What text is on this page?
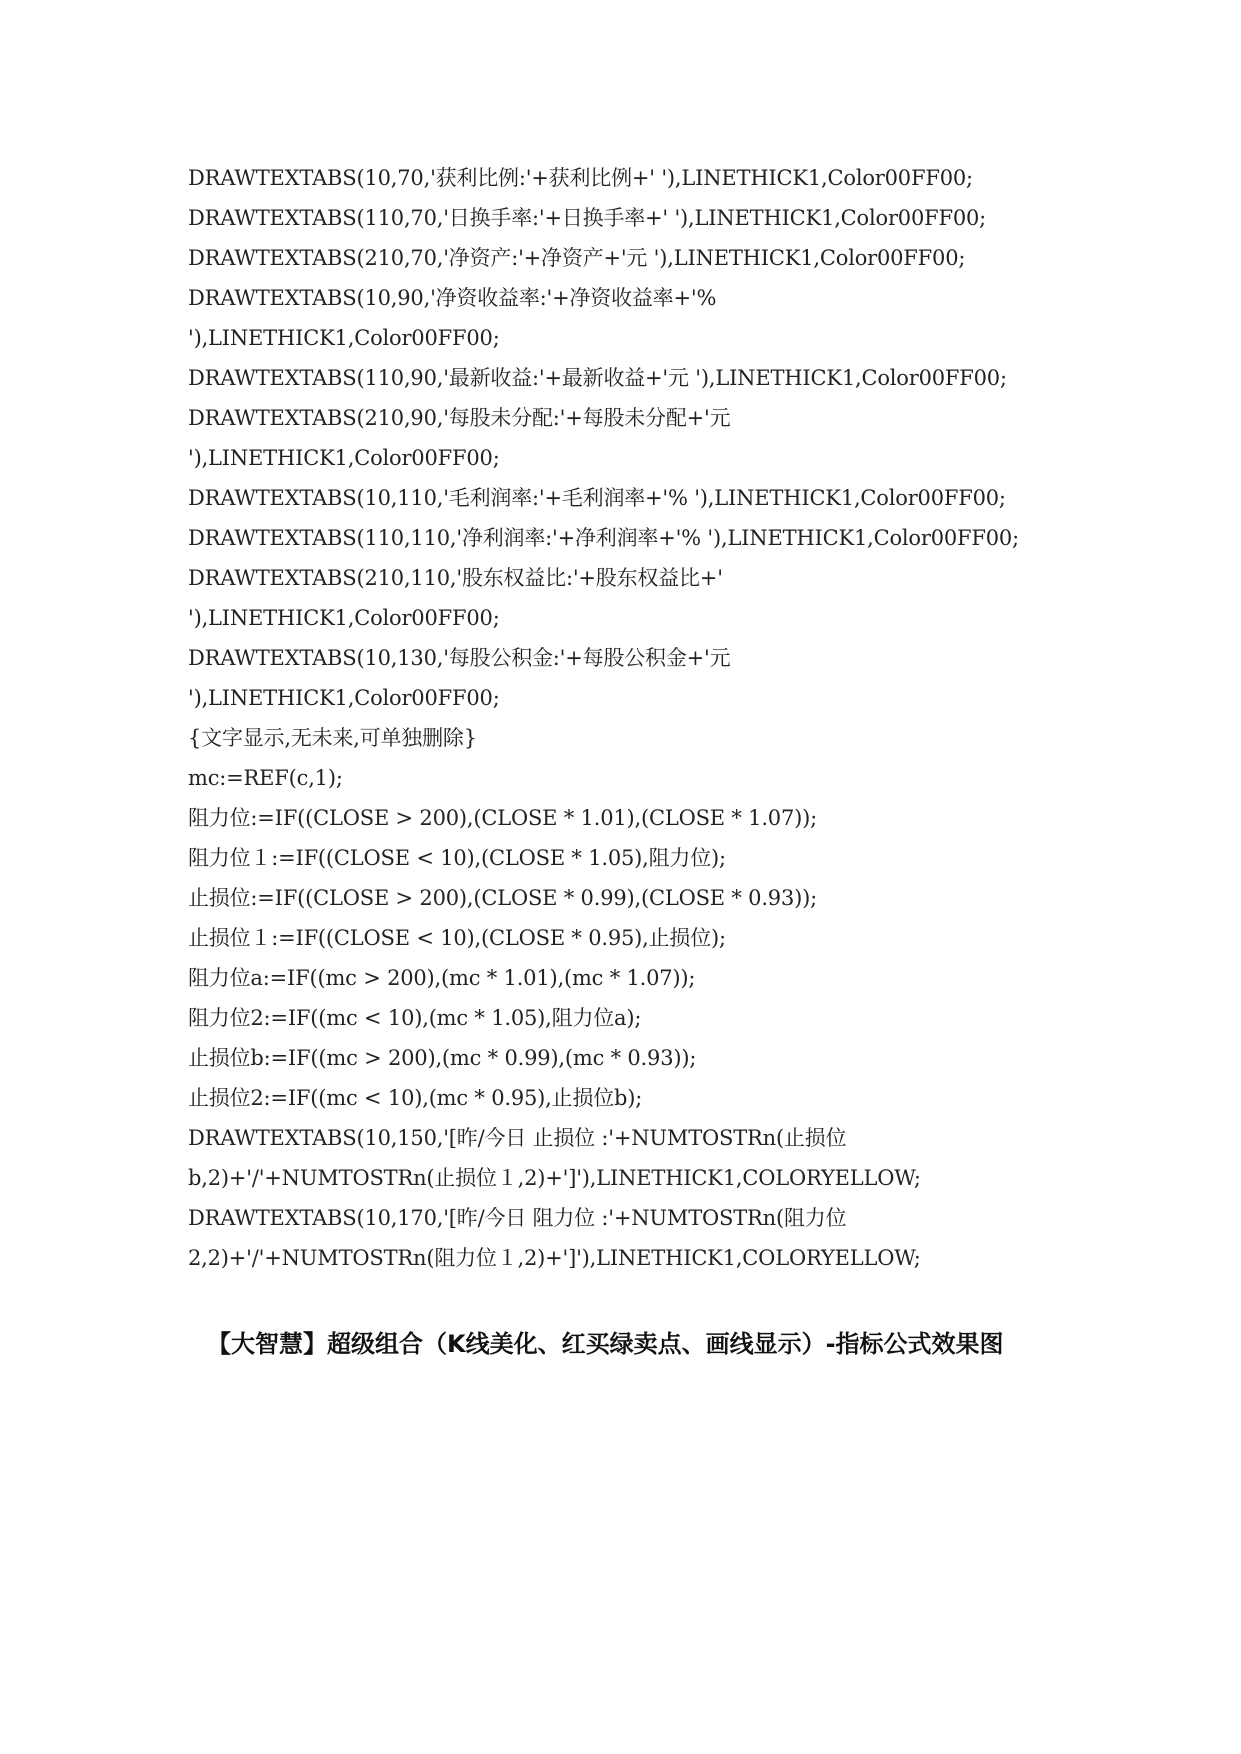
DRAWTEXTABS(10,70,'获利比例:'+获利比例+' '),LINETHICK1,Color00FF00;
DRAWTEXTABS(110,70,'日换手率:'+日换手率+' '),LINETHICK1,Color00FF00;
DRAWTEXTABS(210,70,'净资产:'+净资产+'元 '),LINETHICK1,Color00FF00;
DRAWTEXTABS(10,90,'净资收益率:'+净资收益率+'%
'),LINETHICK1,Color00FF00;
DRAWTEXTABS(110,90,'最新收益:'+最新收益+'元 '),LINETHICK1,Color00FF00;
DRAWTEXTABS(210,90,'每股未分配:'+每股未分配+'元
'),LINETHICK1,Color00FF00;
DRAWTEXTABS(10,110,'毛利润率:'+毛利润率+'% '),LINETHICK1,Color00FF00;
DRAWTEXTABS(110,110,'净利润率:'+净利润率+'% '),LINETHICK1,Color00FF00;
DRAWTEXTABS(210,110,'股东权益比:'+股东权益比+'
'),LINETHICK1,Color00FF00;
DRAWTEXTABS(10,130,'每股公积金:'+每股公积金+'元
'),LINETHICK1,Color00FF00;
{文字显示,无未来,可单独删除}
mc:=REF(c,1);
阻力位:=IF((CLOSE > 200),(CLOSE * 1.01),(CLOSE * 1.07));
阻力位１:=IF((CLOSE < 10),(CLOSE * 1.05),阻力位);
止损位:=IF((CLOSE > 200),(CLOSE * 0.99),(CLOSE * 0.93));
止损位１:=IF((CLOSE < 10),(CLOSE * 0.95),止损位);
阻力位a:=IF((mc > 200),(mc * 1.01),(mc * 1.07));
阻力位2:=IF((mc < 10),(mc * 1.05),阻力位a);
止损位b:=IF((mc > 200),(mc * 0.99),(mc * 0.93));
止损位2:=IF((mc < 10),(mc * 0.95),止损位b);
DRAWTEXTABS(10,150,'[昨/今日 止损位 :'+NUMTOSTRn(止损位
b,2)+'/'+NUMTOSTRn(止损位１,2)+']'),LINETHICK1,COLORYELLOW;
DRAWTEXTABS(10,170,'[昨/今日 阻力位 :'+NUMTOSTRn(阻力位
2,2)+'/'+NUMTOSTRn(阻力位１,2)+']'),LINETHICK1,COLORYELLOW;
【大智慧】超级组合（K线美化、红买绿卖点、画线显示）-指标公式效果图
